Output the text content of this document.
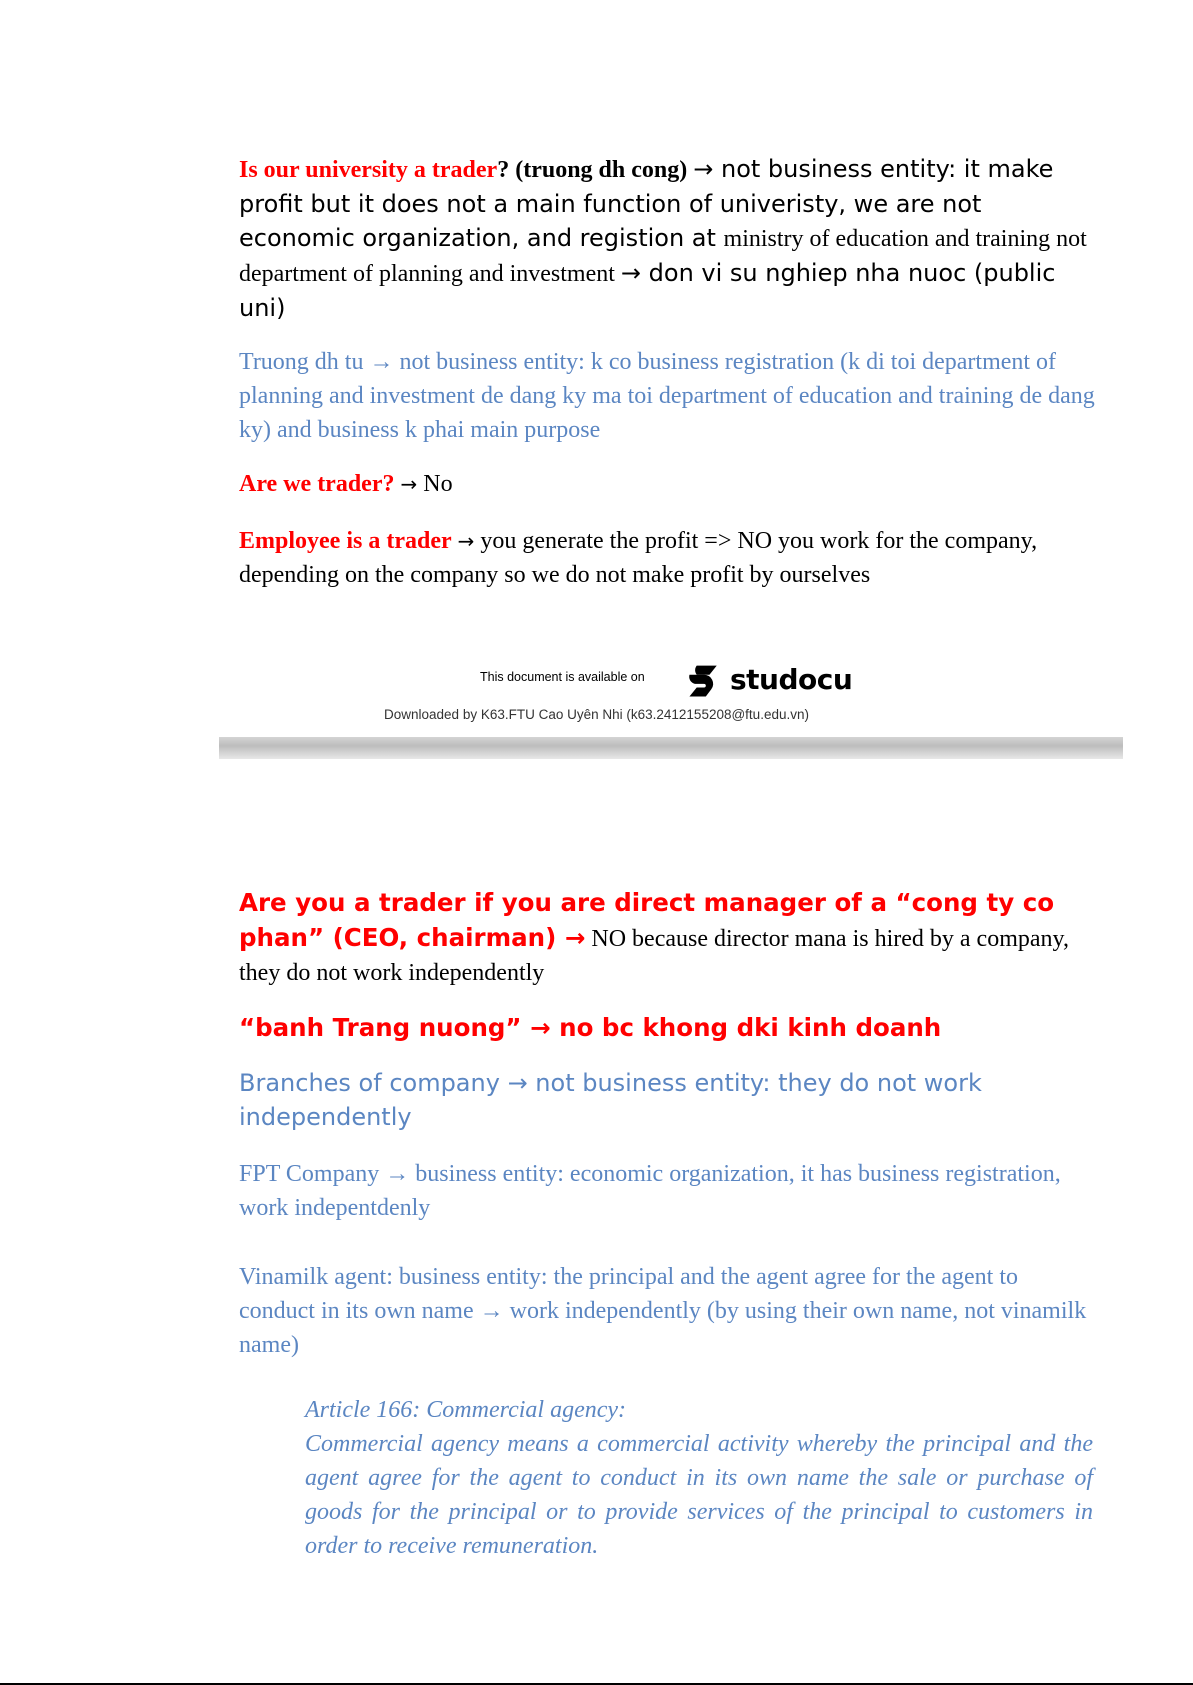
Is our university a trader? (truong dh cong) → not business entity: it make profit but it does not a main function of univeristy, we are not economic organization, and registion at ministry of education and training not department of planning and investment → don vi su nghiep nha nuoc (public uni)

Truong dh tu → not business entity: k co business registration (k di toi department of planning and investment de dang ky ma toi department of education and training de dang ky) and business k phai main purpose

Are we trader? → No

Employee is a trader → you generate the profit => NO you work for the company, depending on the company so we do not make profit by ourselves

This document is available on	studocu
Downloaded by K63.FTU Cao Uyên Nhi (k63.2412155208@ftu.edu.vn)

Are you a trader if you are direct manager of a “cong ty co phan” (CEO, chairman) → NO because director mana is hired by a company, they do not work independently

“banh Trang nuong” → no bc khong dki kinh doanh

Branches of company → not business entity: they do not work independently

FPT Company → business entity: economic organization, it has business registration, work indepentdenly

Vinamilk agent: business entity: the principal and the agent agree for the agent to conduct in its own name → work independently (by using their own name, not vinamilk name)

Article 166: Commercial agency:
Commercial agency means a commercial activity whereby the principal and the agent agree for the agent to conduct in its own name the sale or purchase of goods for the principal or to provide services of the principal to customers in order to receive remuneration.
